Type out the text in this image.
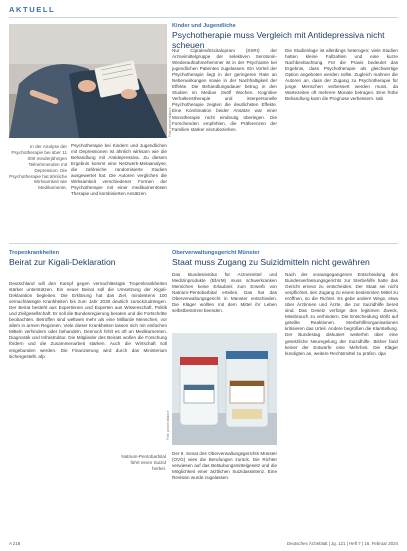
AKTUELL
Foto: picture alliance
In der Analyse der Psychotherapie bei über 11 000 minderjährigen Teilnehmenden mit Depression. Die Psychotherapie hat ähnliche Wirksamkeit wie Medikamente.
Kinder und Jugendliche
Psychotherapie muss Vergleich mit Antidepressiva nicht scheuen
Psychotherapie bei Kindern und Jugendlichen mit Depressionen ist ähnlich wirksam wie die Behandlung mit Antidepressiva. Zu diesem Ergebnis kommt eine Netzwerk-Metaanalyse, die zahlreiche randomisierte Studien ausgewertet hat. Die Autoren verglichen die Wirksamkeit verschiedener Formen der Psychotherapie mit einer medikamentösen Therapie und kombinierten Ansätzen.
Nur Cipralex/Escitalopram (SSRI) der Arzneimittelgruppe der selektiven Serotonin-Wiederaufnahmehemmer ist in der Psychiatrie bei jugendlichen Patienten zugelassen. Ein Vorteil der Psychotherapie liegt in der geringeren Rate an Nebenwirkungen sowie in der Nachhaltigkeit der Effekte. Die Behandlungsdauer betrug in den Studien im Median zwölf Wochen. Kognitive Verhaltenstherapie und interpersonelle Psychotherapie zeigten die deutlichsten Effekte. Eine Kombination beider Ansätze war einer Monotherapie nicht eindeutig überlegen. Die Forschenden empfehlen, die Präferenzen der Familien stärker einzubeziehen.
Die Studienlage ist allerdings heterogen; viele Studien hatten kleine Fallzahlen und eine kurze Nachbeobachtung. Für die Praxis bedeutet das Ergebnis, dass Psychotherapie als gleichwertige Option angeboten werden sollte. Zugleich mahnen die Autoren an, dass der Zugang zu Psychotherapie für junge Menschen verbessert werden muss, da Wartezeiten oft mehrere Monate betragen. Eine frühe Behandlung kann die Prognose verbessern. sab
Tropenkrankheiten
Beirat zur Kigali-Deklaration
Deutschland will den Kampf gegen vernachlässigte Tropenkrankheiten stärker unterstützen. Ein neuer Beirat soll die Umsetzung der Kigali-Deklaration begleiten. Die Erklärung hat das Ziel, mindestens 100 vernachlässigte Krankheiten bis zum Jahr 2030 deutlich zurückzudrängen. Der Beirat besteht aus Expertinnen und Experten aus Wissenschaft, Politik und Zivilgesellschaft. Er soll die Bundesregierung beraten und die Fortschritte beobachten. Betroffen sind weltweit mehr als eine Milliarde Menschen, vor allem in armen Regionen. Viele dieser Krankheiten lassen sich mit einfachen Mitteln verhindern oder behandeln. Dennoch fehlt es oft an Medikamenten, Diagnostik und Infrastruktur. Die Mitglieder des Beirats wollen die Forschung fördern und die Zusammenarbeit stärken. Auch die Wirtschaft soll eingebunden werden. Die Finanzierung wird durch das Ministerium sichergestellt. afp
Oberverwaltungsgericht Münster
Staat muss Zugang zu Suizidmitteln nicht gewähren
Das Bundesinstitut für Arzneimittel und Medizinprodukte (BfArM) muss schwerkranken Menschen keine Erlaubnis zum Erwerb von Natrium-Pentobarbital erteilen. Das hat das Oberverwaltungsgericht in Münster entschieden. Die Kläger wollten mit dem Mittel ihr Leben selbstbestimmt beenden.
Foto: picture alliance
Natrium-Pentobarbital führt einen Suizid herbei.
Der 9. Senat des Oberverwaltungsgerichts Münster (OVG) wies die Berufungen zurück. Die Richter verwiesen auf das Betäubungsmittelgesetz und die Möglichkeit einer ärztlichen Suizidassistenz. Eine Revision wurde zugelassen.
Nach der vorausgegangenen Entscheidung des Bundesverfassungsgerichts zur Sterbehilfe hatte das Gericht erneut zu entscheiden. Der Staat sei nicht verpflichtet, den Zugang zu einem bestimmten Mittel zu eröffnen, so die Richter. Es gebe andere Wege, etwa über Ärztinnen und Ärzte, die zur Suizidhilfe bereit sind. Das Gesetz verfolge den legitimen Zweck, Missbrauch zu verhindern. Die Entscheidung stößt auf geteilte Reaktionen. Sterbehilfeorganisationen kritisieren das Urteil. Andere begrüßen die Klarstellung. Der Bundestag diskutiert weiterhin über eine gesetzliche Neuregelung der Suizidhilfe. Bisher fand keiner der Entwürfe eine Mehrheit. Die Kläger kündigten an, weitere Rechtsmittel zu prüfen. dpa
A 218	Deutsches Ärzteblatt | Jg. 121 | Heft 7 | 16. Februar 2024
